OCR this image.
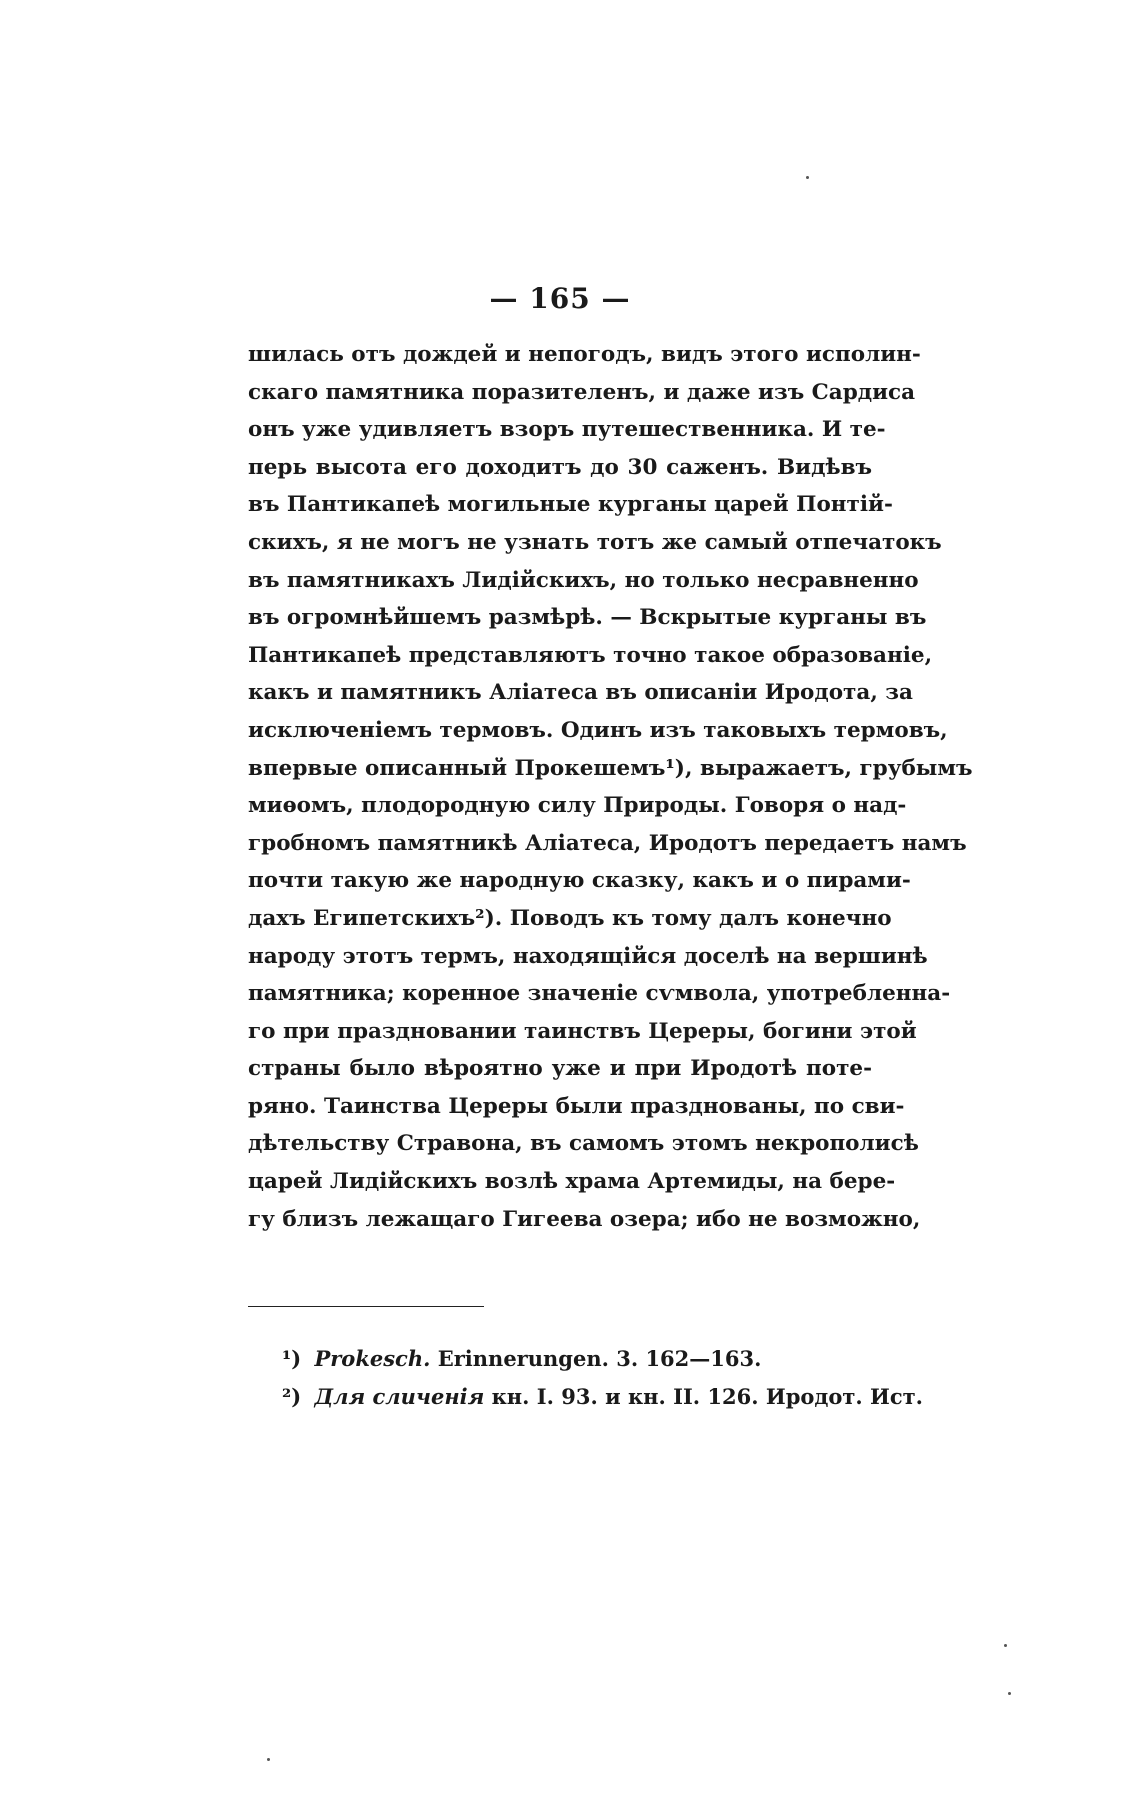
— 165 —
шилась отъ дождей и непогодъ, видъ этого исполин-
скаго памятника поразителенъ, и даже изъ Сардиса
онъ уже удивляетъ взоръ путешественника. И те-
перь высота его доходитъ до 30 саженъ. Видѣвъ
въ Пантикапеѣ могильные курганы царей Понтій-
скихъ, я не могъ не узнать тотъ же самый отпечатокъ
въ памятникахъ Лидійскихъ, но только несравненно
въ огромнѣйшемъ размѣрѣ. — Вскрытые курганы въ
Пантикапеѣ представляютъ точно такое образованіе,
какъ и памятникъ Аліатеса въ описаніи Иродота, за
исключеніемъ термовъ. Одинъ изъ таковыхъ термовъ,
впервые описанный Прокешемъ¹), выражаетъ, грубымъ
миѳомъ, плодородную силу Природы. Говоря о над-
гробномъ памятникѣ Аліатеса, Иродотъ передаетъ намъ
почти такую же народную сказку, какъ и о пирами-
дахъ Египетскихъ²). Поводъ къ тому далъ конечно
народу этотъ термъ, находящійся доселѣ на вершинѣ
памятника; коренное значеніе сѵмвола, употребленна-
го при праздновании таинствъ Цереры, богини этой
страны было вѣроятно уже и при Иродотѣ поте-
ряно. Таинства Цереры были празднованы, по сви-
дѣтельству Стравона, въ самомъ этомъ некрополисѣ
царей Лидійскихъ возлѣ храма Артемиды, на бере-
гу близъ лежащаго Гигеева озера; ибо не возможно,
¹) Prokesch. Erinnerungen. 3. 162—163.
²) Для сличенія кн. I. 93. и кн. II. 126. Иродот. Ист.
